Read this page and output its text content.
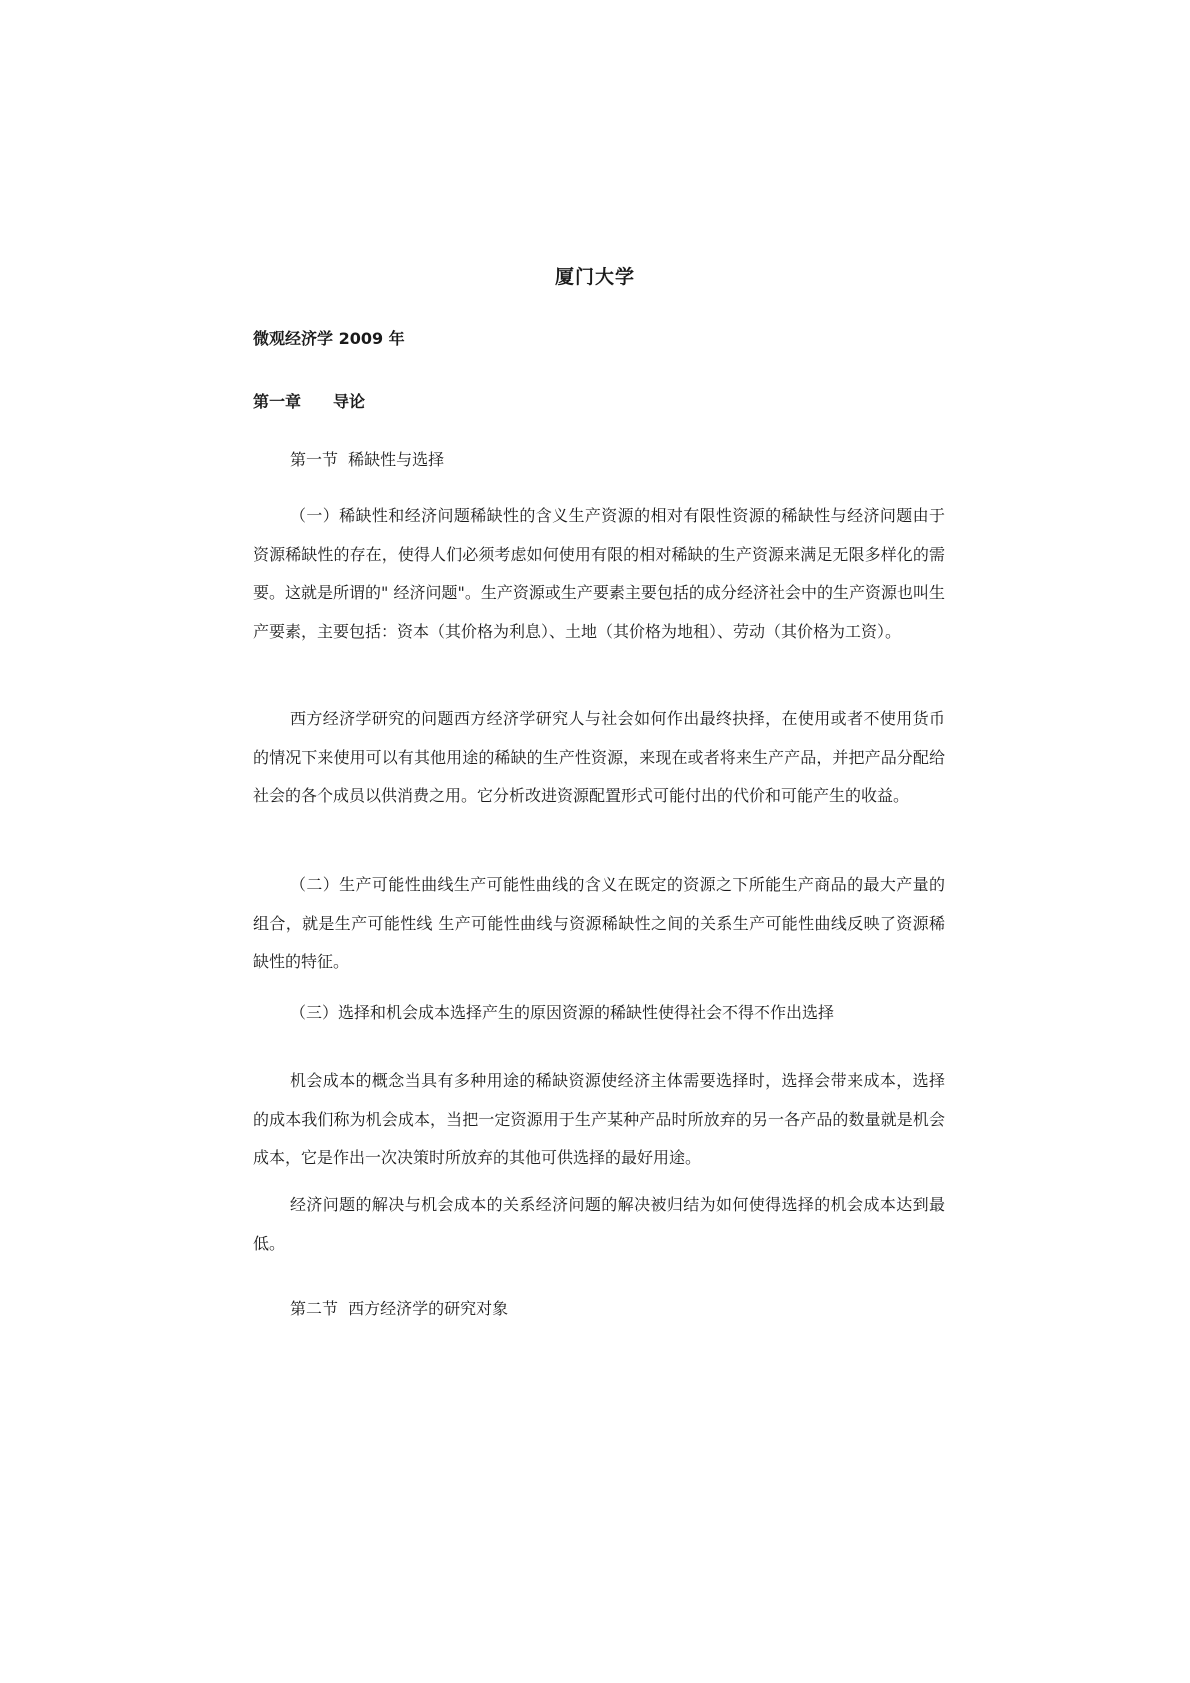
厦门大学

微观经济学 2009 年

第一章　　导论

第一节  稀缺性与选择

（一）稀缺性和经济问题稀缺性的含义生产资源的相对有限性资源的稀缺性与经济问题由于资源稀缺性的存在，使得人们必须考虑如何使用有限的相对稀缺的生产资源来满足无限多样化的需要。这就是所谓的" 经济问题"。生产资源或生产要素主要包括的成分经济社会中的生产资源也叫生产要素，主要包括：资本（其价格为利息）、土地（其价格为地租）、劳动（其价格为工资）。

西方经济学研究的问题西方经济学研究人与社会如何作出最终抉择，在使用或者不使用货币的情况下来使用可以有其他用途的稀缺的生产性资源，来现在或者将来生产产品，并把产品分配给社会的各个成员以供消费之用。它分析改进资源配置形式可能付出的代价和可能产生的收益。

（二）生产可能性曲线生产可能性曲线的含义在既定的资源之下所能生产商品的最大产量的组合，就是生产可能性线 生产可能性曲线与资源稀缺性之间的关系生产可能性曲线反映了资源稀缺性的特征。

（三）选择和机会成本选择产生的原因资源的稀缺性使得社会不得不作出选择

机会成本的概念当具有多种用途的稀缺资源使经济主体需要选择时，选择会带来成本，选择的成本我们称为机会成本，当把一定资源用于生产某种产品时所放弃的另一各产品的数量就是机会成本，它是作出一次决策时所放弃的其他可供选择的最好用途。

经济问题的解决与机会成本的关系经济问题的解决被归结为如何使得选择的机会成本达到最低。

第二节  西方经济学的研究对象
